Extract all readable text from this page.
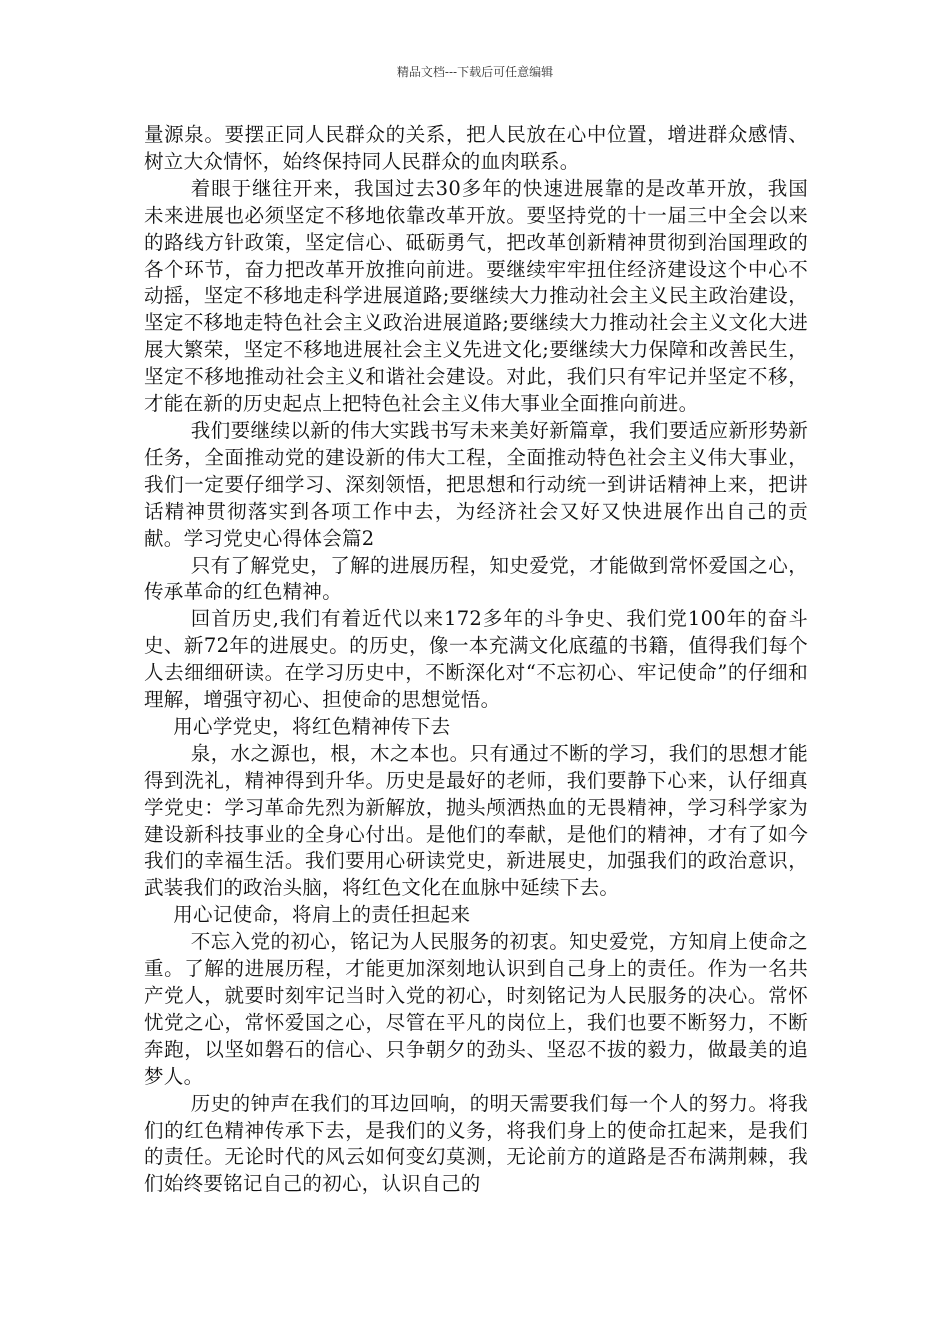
精品文档---下载后可任意编辑

量源泉。要摆正同人民群众的关系，把人民放在心中位置，增进群众感情、树立大众情怀，始终保持同人民群众的血肉联系。

着眼于继往开来，我国过去30多年的快速进展靠的是改革开放，我国未来进展也必须坚定不移地依靠改革开放。要坚持党的十一届三中全会以来的路线方针政策，坚定信心、砥砺勇气，把改革创新精神贯彻到治国理政的各个环节，奋力把改革开放推向前进。要继续牢牢扭住经济建设这个中心不动摇，坚定不移地走科学进展道路;要继续大力推动社会主义民主政治建设，坚定不移地走特色社会主义政治进展道路;要继续大力推动社会主义文化大进展大繁荣，坚定不移地进展社会主义先进文化;要继续大力保障和改善民生，坚定不移地推动社会主义和谐社会建设。对此，我们只有牢记并坚定不移，才能在新的历史起点上把特色社会主义伟大事业全面推向前进。

我们要继续以新的伟大实践书写未来美好新篇章，我们要适应新形势新任务，全面推动党的建设新的伟大工程，全面推动特色社会主义伟大事业，我们一定要仔细学习、深刻领悟，把思想和行动统一到讲话精神上来，把讲话精神贯彻落实到各项工作中去，为经济社会又好又快进展作出自己的贡献。学习党史心得体会篇2

只有了解党史，了解的进展历程，知史爱党，才能做到常怀爱国之心，传承革命的红色精神。

回首历史,我们有着近代以来172多年的斗争史、我们党100年的奋斗史、新72年的进展史。的历史，像一本充满文化底蕴的书籍，值得我们每个人去细细研读。在学习历史中，不断深化对“不忘初心、牢记使命”的仔细和理解，增强守初心、担使命的思想觉悟。

用心学党史，将红色精神传下去

泉，水之源也，根，木之本也。只有通过不断的学习，我们的思想才能得到洗礼，精神得到升华。历史是最好的老师，我们要静下心来，认仔细真学党史：学习革命先烈为新解放，抛头颅洒热血的无畏精神，学习科学家为建设新科技事业的全身心付出。是他们的奉献，是他们的精神，才有了如今我们的幸福生活。我们要用心研读党史，新进展史，加强我们的政治意识，武装我们的政治头脑，将红色文化在血脉中延续下去。

用心记使命，将肩上的责任担起来

不忘入党的初心，铭记为人民服务的初衷。知史爱党，方知肩上使命之重。了解的进展历程，才能更加深刻地认识到自己身上的责任。作为一名共产党人，就要时刻牢记当时入党的初心，时刻铭记为人民服务的决心。常怀忧党之心，常怀爱国之心，尽管在平凡的岗位上，我们也要不断努力，不断奔跑，以坚如磐石的信心、只争朝夕的劲头、坚忍不拔的毅力，做最美的追梦人。

历史的钟声在我们的耳边回响，的明天需要我们每一个人的努力。将我们的红色精神传承下去，是我们的义务，将我们身上的使命扛起来，是我们的责任。无论时代的风云如何变幻莫测，无论前方的道路是否布满荆棘，我们始终要铭记自己的初心，认识自己的
